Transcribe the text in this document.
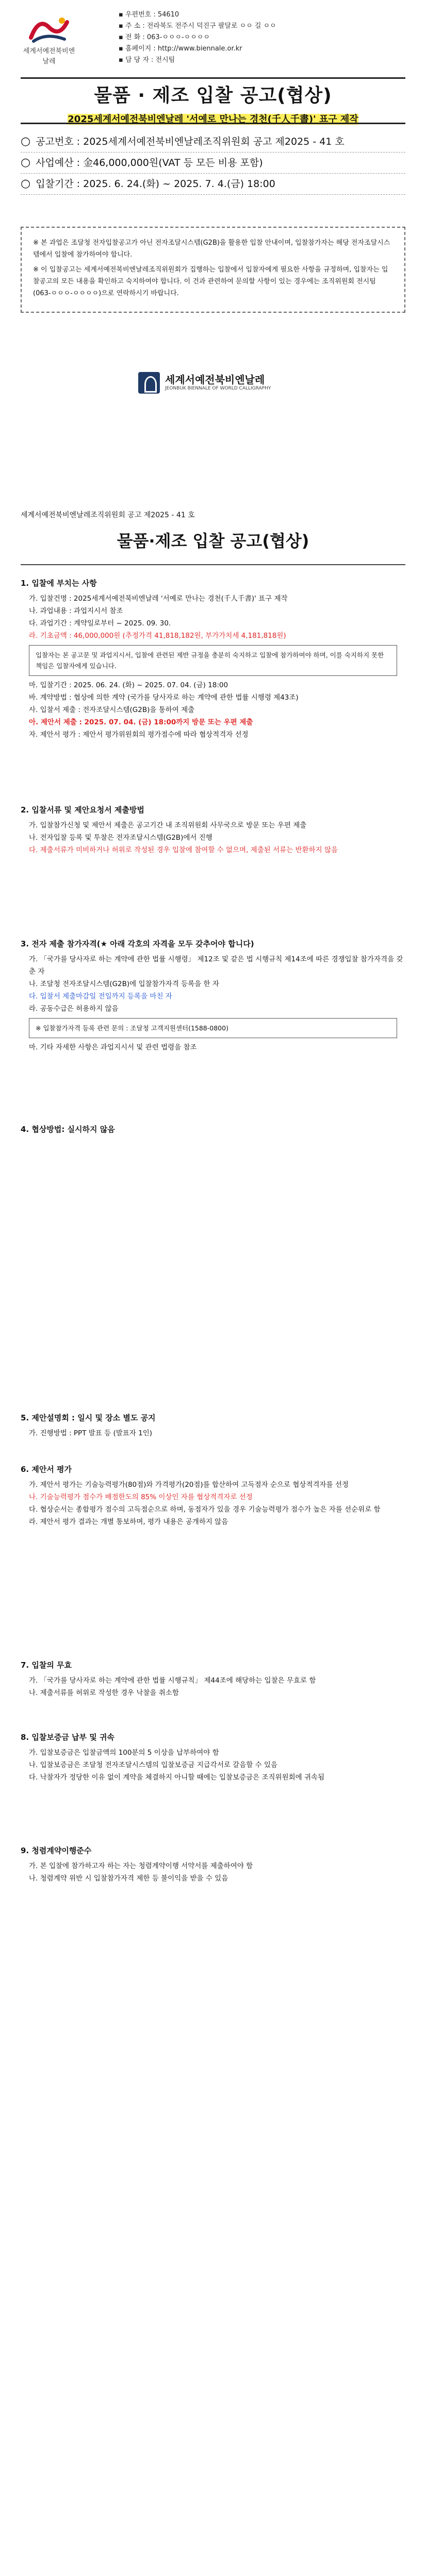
세계서예전북비엔날레
▪ 우편번호 : 54610
▪ 주 소 : 전라북도 전주시 덕진구 팔달로 ㅇㅇ 길 ㅇㅇ
▪ 전 화 : 063-ㅇㅇㅇ-ㅇㅇㅇㅇ
▪ 홈페이지 : http://www.biennale.or.kr
▪ 담 당 자 : 전시팀
물품 · 제조 입찰 공고(협상)
2025세계서예전북비엔날레 '서예로 만나는 경천(千人千書)' 표구 제작
○ 공고번호 : 2025세계서예전북비엔날레조직위원회 공고 제2025 - 41 호
○ 사업예산 : 金46,000,000원(VAT 등 모든 비용 포함)
○ 입찰기간 : 2025. 6. 24.(화) ~ 2025. 7. 4.(금) 18:00

※ 본 과업은 조달청 전자입찰공고가 아닌 전자조달시스템(G2B)을 활용한 입찰 안내이며, 입찰참가자는 해당 전자조달시스템에서 입찰에 참가하여야 합니다.

※ 이 입찰공고는 세계서예전북비엔날레조직위원회가 집행하는 입찰에서 입찰자에게 필요한 사항을 규정하며, 입찰자는 입찰공고의 모든 내용을 확인하고 숙지하여야 합니다. 이 건과 관련하여 문의할 사항이 있는 경우에는 조직위원회 전시팀(063-ㅇㅇㅇ-ㅇㅇㅇㅇ)으로 연락하시기 바랍니다.

세계서예전북비엔날레
JEONBUK BIENNALE OF WORLD CALLIGRAPHY
세계서예전북비엔날레조직위원회 공고 제2025 - 41 호
물품·제조 입찰 공고(협상)
1. 입찰에 부치는 사항
가. 입찰건명 : 2025세계서예전북비엔날레 '서예로 만나는 경천(千人千書)' 표구 제작
나. 과업내용 : 과업지시서 참조
다. 과업기간 : 계약일로부터 ~ 2025. 09. 30.
라. 기초금액 : 46,000,000원 (추정가격 41,818,182원, 부가가치세 4,181,818원)
입찰자는 본 공고문 및 과업지시서, 입찰에 관련된 제반 규정을 충분히 숙지하고 입찰에 참가하여야 하며, 이를 숙지하지 못한 책임은 입찰자에게 있습니다.
마. 입찰기간 : 2025. 06. 24. (화) ~ 2025. 07. 04. (금) 18:00
바. 계약방법 : 협상에 의한 계약 (국가를 당사자로 하는 계약에 관한 법률 시행령 제43조)
사. 입찰서 제출 : 전자조달시스템(G2B)을 통하여 제출
아. 제안서 제출 : 2025. 07. 04. (금) 18:00까지 방문 또는 우편 제출
자. 제안서 평가 : 제안서 평가위원회의 평가점수에 따라 협상적격자 선정
2. 입찰서류 및 제안요청서 제출방법
가. 입찰참가신청 및 제안서 제출은 공고기간 내 조직위원회 사무국으로 방문 또는 우편 제출
나. 전자입찰 등록 및 투찰은 전자조달시스템(G2B)에서 진행
다. 제출서류가 미비하거나 허위로 작성된 경우 입찰에 참여할 수 없으며, 제출된 서류는 반환하지 않음
3. 전자 제출 참가자격(★ 아래 각호의 자격을 모두 갖추어야 합니다)
가. 「국가를 당사자로 하는 계약에 관한 법률 시행령」 제12조 및 같은 법 시행규칙 제14조에 따른 경쟁입찰 참가자격을 갖춘 자
나. 조달청 전자조달시스템(G2B)에 입찰참가자격 등록을 한 자
다. 입찰서 제출마감일 전일까지 등록을 마친 자
라. 공동수급은 허용하지 않음
※ 입찰참가자격 등록 관련 문의 : 조달청 고객지원센터(1588-0800)
마. 기타 자세한 사항은 과업지시서 및 관련 법령을 참조
4. 협상방법: 실시하지 않음
5. 제안설명회 : 일시 및 장소 별도 공지
가. 진행방법 : PPT 발표 등 (발표자 1인)
6. 제안서 평가
가. 제안서 평가는 기술능력평가(80점)와 가격평가(20점)를 합산하여 고득점자 순으로 협상적격자를 선정
나. 기술능력평가 점수가 배점한도의 85% 이상인 자를 협상적격자로 선정
다. 협상순서는 종합평가 점수의 고득점순으로 하며, 동점자가 있을 경우 기술능력평가 점수가 높은 자를 선순위로 함
라. 제안서 평가 결과는 개별 통보하며, 평가 내용은 공개하지 않음
7. 입찰의 무효
가. 「국가를 당사자로 하는 계약에 관한 법률 시행규칙」 제44조에 해당하는 입찰은 무효로 함
나. 제출서류를 허위로 작성한 경우 낙찰을 취소함
8. 입찰보증금 납부 및 귀속
가. 입찰보증금은 입찰금액의 100분의 5 이상을 납부하여야 함
나. 입찰보증금은 조달청 전자조달시스템의 입찰보증금 지급각서로 갈음할 수 있음
다. 낙찰자가 정당한 이유 없이 계약을 체결하지 아니할 때에는 입찰보증금은 조직위원회에 귀속됨
9. 청렴계약이행준수
가. 본 입찰에 참가하고자 하는 자는 청렴계약이행 서약서를 제출하여야 함
나. 청렴계약 위반 시 입찰참가자격 제한 등 불이익을 받을 수 있음
